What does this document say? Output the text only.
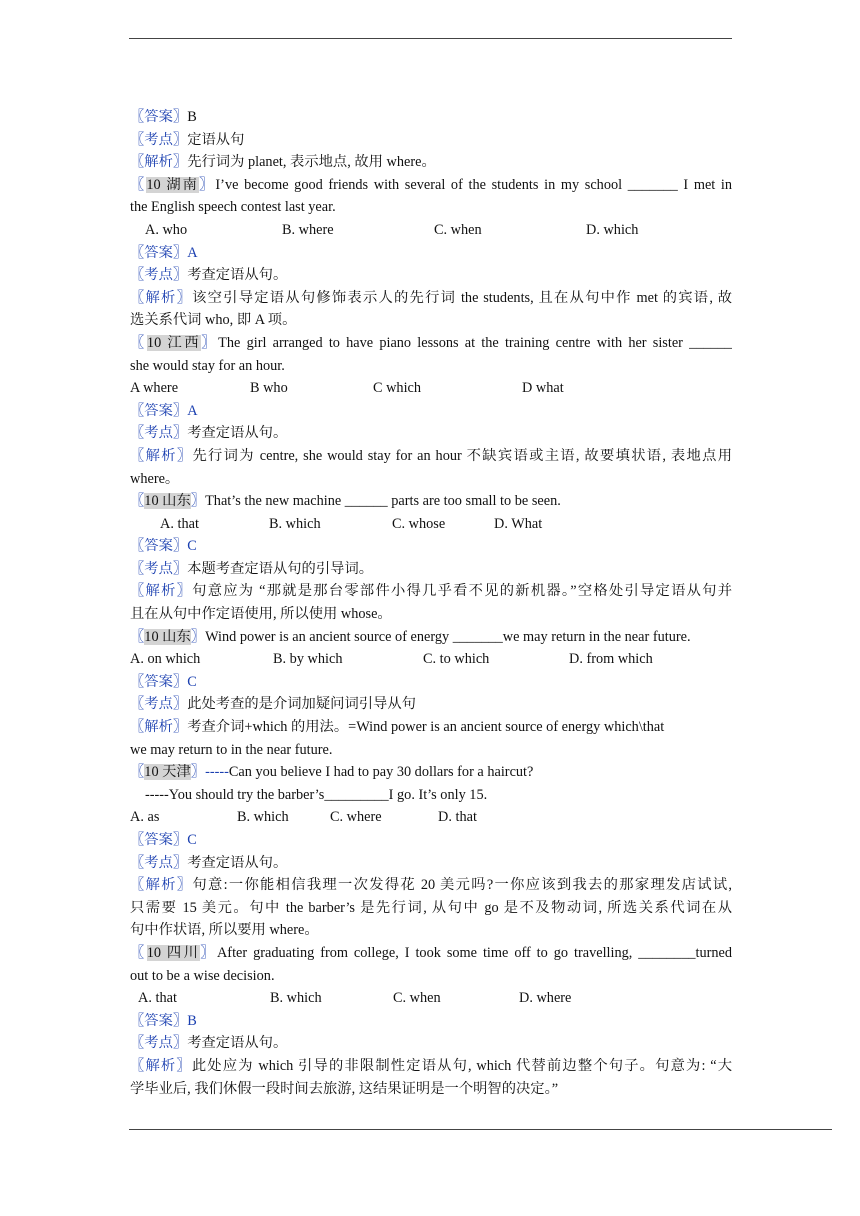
〖答案〗B
〖考点〗定语从句
〖解析〗先行词为 planet, 表示地点, 故用 where。
〖10 湖南〗I’ve become good friends with several of the students in my school _______ I met in
the English speech contest last year.
A. who	B. where	C. when	D. which
〖答案〗A
〖考点〗考查定语从句。
〖解析〗该空引导定语从句修饰表示人的先行词 the students, 且在从句中作 met 的宾语, 故
选关系代词 who, 即 A 项。
〖10 江西〗The girl arranged to have piano lessons at the training centre with her sister ______
she would stay for an hour.
A where	B who	C which	D what
〖答案〗A
〖考点〗考查定语从句。
〖解析〗先行词为 centre, she would stay for an hour 不缺宾语或主语, 故要填状语, 表地点用
where。
〖10 山东〗That’s the new machine ______ parts are too small to be seen.
A. that	B. which	C. whose	D. What
〖答案〗C
〖考点〗本题考查定语从句的引导词。
〖解析〗句意应为 “那就是那台零部件小得几乎看不见的新机器。”空格处引导定语从句并
且在从句中作定语使用, 所以使用 whose。
〖10 山东〗Wind power is an ancient source of energy _______we may return in the near future.
A. on which	B. by which	C. to which	D. from which
〖答案〗C
〖考点〗此处考查的是介词加疑问词引导从句
〖解析〗考查介词+which 的用法。=Wind power is an ancient source of energy which\that
we may return to in the near future.
〖10 天津〗-----Can you believe I had to pay 30 dollars for a haircut?
-----You should try the barber’s_________I go. It’s only 15.
A. as	B. which	C. where	D. that
〖答案〗C
〖考点〗考查定语从句。
〖解析〗句意:一你能相信我理一次发得花 20 美元吗?一你应该到我去的那家理发店试试,
只需要 15 美元。句中 the barber’s 是先行词, 从句中 go 是不及物动词, 所选关系代词在从
句中作状语, 所以要用 where。
〖10 四川〗After graduating from college, I took some time off to go travelling, ________turned
out to be a wise decision.
A. that	B. which	C. when	D. where
〖答案〗B
〖考点〗考查定语从句。
〖解析〗此处应为 which 引导的非限制性定语从句, which 代替前边整个句子。句意为: “大
学毕业后, 我们休假一段时间去旅游, 这结果证明是一个明智的决定。”
